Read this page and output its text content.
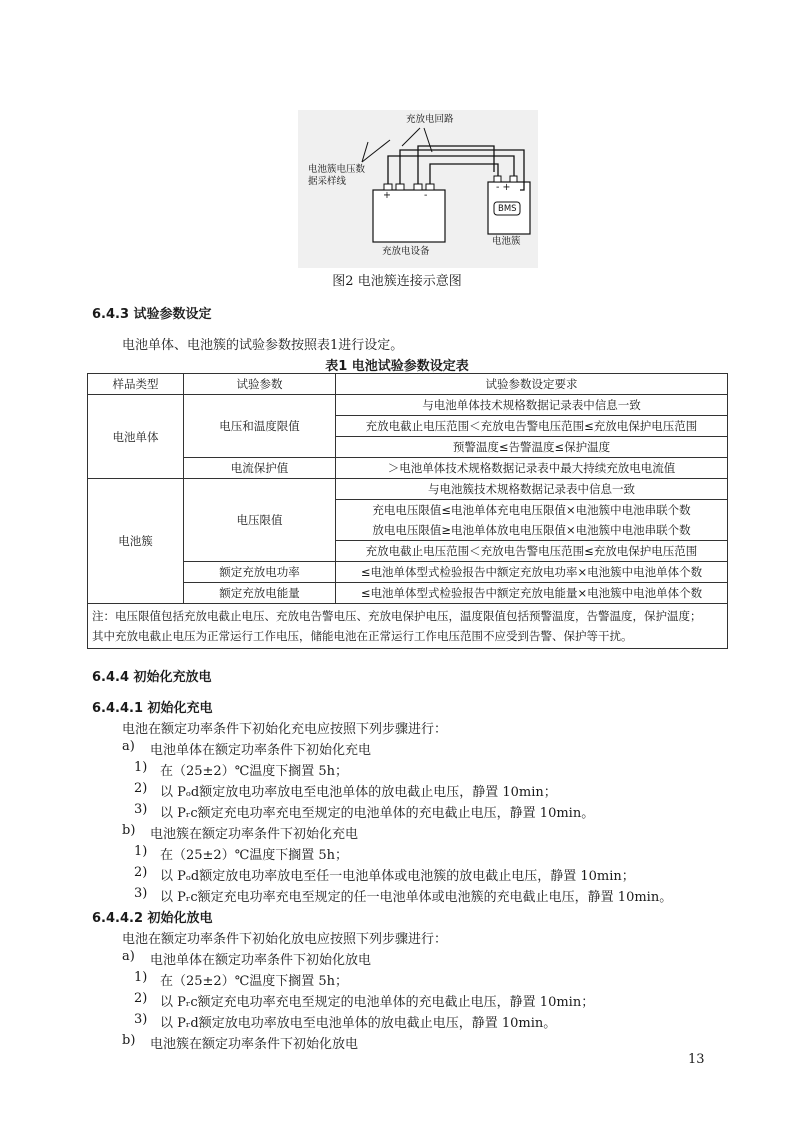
充放电回路
电池簇电压数
据采样线
+	-
- +
BMS
充放电设备
电池簇
图2 电池簇连接示意图
6.4.3 试验参数设定
电池单体、电池簇的试验参数按照表1进行设定。
表1 电池试验参数设定表
样品类型	试验参数	试验参数设定要求
电池单体	电压和温度限值	与电池单体技术规格数据记录表中信息一致
		充放电截止电压范围＜充放电告警电压范围≤充放电保护电压范围
		预警温度≤告警温度≤保护温度
	电流保护值	＞电池单体技术规格数据记录表中最大持续充放电电流值
电池簇	电压限值	与电池簇技术规格数据记录表中信息一致

		充电电压限值≤电池单体充电电压限值×电池簇中电池串联个数
放电电压限值≥电池单体放电电压限值×电池簇中电池串联个数

		充放电截止电压范围＜充放电告警电压范围≤充放电保护电压范围
	额定充放电功率	≤电池单体型式检验报告中额定充放电功率×电池簇中电池单体个数
	额定充放电能量	≤电池单体型式检验报告中额定充放电能量×电池簇中电池单体个数

注：电压限值包括充放电截止电压、充放电告警电压、充放电保护电压，温度限值包括预警温度，告警温度，保护温度；
其中充放电截止电压为正常运行工作电压，储能电池在正常运行工作电压范围不应受到告警、保护等干扰。		
6.4.4 初始化充放电
6.4.4.1 初始化充电
电池在额定功率条件下初始化充电应按照下列步骤进行：
a) 电池单体在额定功率条件下初始化充电
1) 在（25±2）℃温度下搁置 5h；
2) 以 Pₒd额定放电功率放电至电池单体的放电截止电压，静置 10min；
3) 以 Pᵣc额定充电功率充电至规定的电池单体的充电截止电压，静置 10min。
b) 电池簇在额定功率条件下初始化充电
1) 在（25±2）℃温度下搁置 5h；
2) 以 Pₒd额定放电功率放电至任一电池单体或电池簇的放电截止电压，静置 10min；
3) 以 Pᵣc额定充电功率充电至规定的任一电池单体或电池簇的充电截止电压，静置 10min。
6.4.4.2 初始化放电
电池在额定功率条件下初始化放电应按照下列步骤进行：
a) 电池单体在额定功率条件下初始化放电
1) 在（25±2）℃温度下搁置 5h；
2) 以 Pᵣc额定充电功率充电至规定的电池单体的充电截止电压，静置 10min；
3) 以 Pᵣd额定放电功率放电至电池单体的放电截止电压，静置 10min。
b) 电池簇在额定功率条件下初始化放电
13
